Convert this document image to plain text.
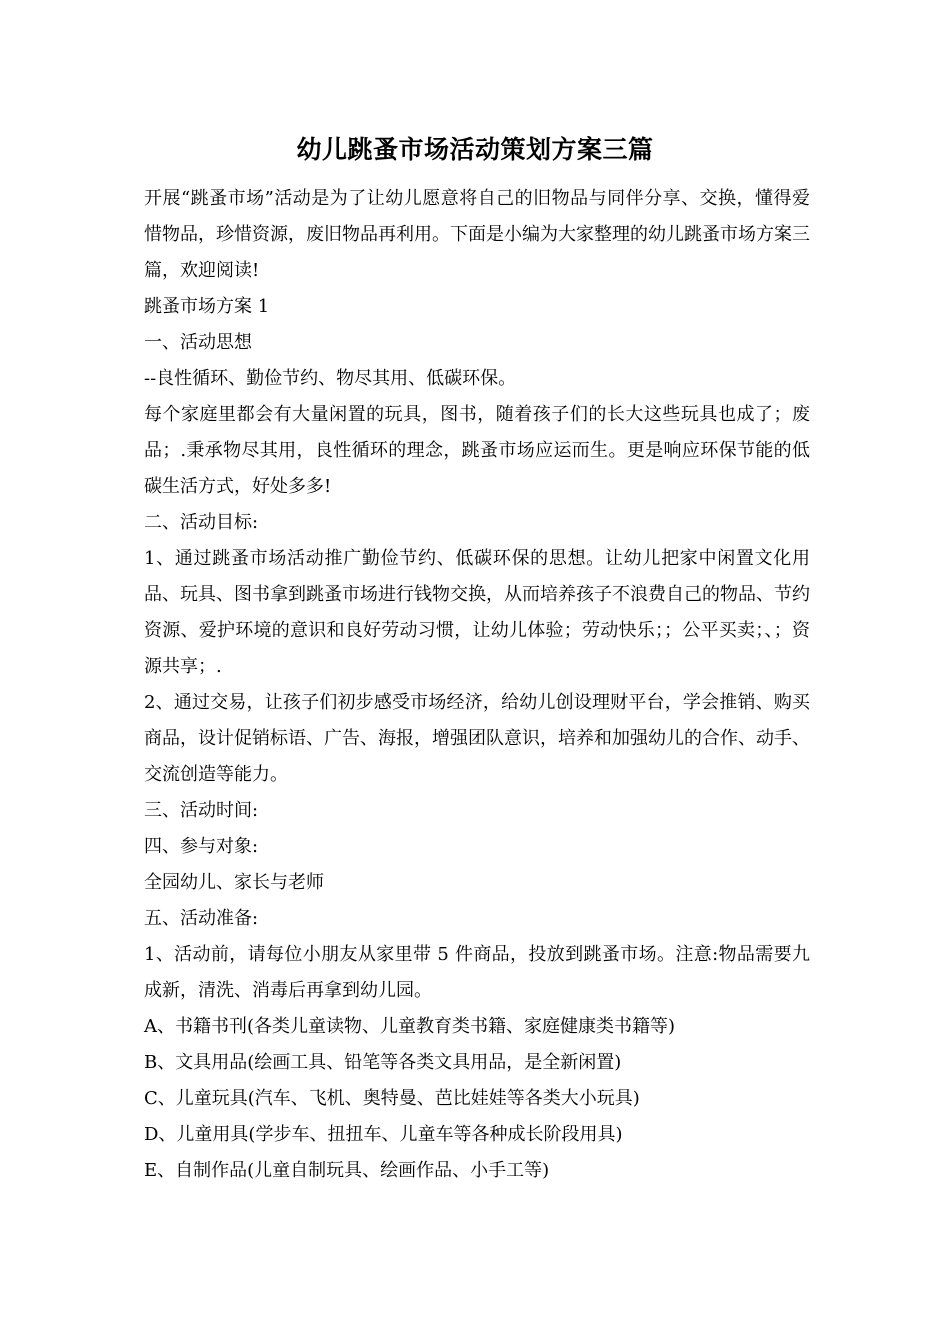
幼儿跳蚤市场活动策划方案三篇

开展“跳蚤市场”活动是为了让幼儿愿意将自己的旧物品与同伴分享、交换，懂得爱惜物品，珍惜资源，废旧物品再利用。下面是小编为大家整理的幼儿跳蚤市场方案三篇，欢迎阅读!

跳蚤市场方案 1

一、活动思想

--良性循环、勤俭节约、物尽其用、低碳环保。

每个家庭里都会有大量闲置的玩具，图书，随着孩子们的长大这些玩具也成了；废品；.秉承物尽其用，良性循环的理念，跳蚤市场应运而生。更是响应环保节能的低碳生活方式，好处多多!

二、活动目标:

1、通过跳蚤市场活动推广勤俭节约、低碳环保的思想。让幼儿把家中闲置文化用品、玩具、图书拿到跳蚤市场进行钱物交换，从而培养孩子不浪费自己的物品、节约资源、爱护环境的意识和良好劳动习惯，让幼儿体验；劳动快乐；；公平买卖；、；资源共享；.

2、通过交易，让孩子们初步感受市场经济，给幼儿创设理财平台，学会推销、购买商品，设计促销标语、广告、海报，增强团队意识，培养和加强幼儿的合作、动手、交流创造等能力。

三、活动时间:

四、参与对象:

全园幼儿、家长与老师

五、活动准备:

1、活动前，请每位小朋友从家里带 5 件商品，投放到跳蚤市场。注意:物品需要九成新，清洗、消毒后再拿到幼儿园。

A、书籍书刊(各类儿童读物、儿童教育类书籍、家庭健康类书籍等)

B、文具用品(绘画工具、铅笔等各类文具用品，是全新闲置)

C、儿童玩具(汽车、飞机、奥特曼、芭比娃娃等各类大小玩具)

D、儿童用具(学步车、扭扭车、儿童车等各种成长阶段用具)

E、自制作品(儿童自制玩具、绘画作品、小手工等)
